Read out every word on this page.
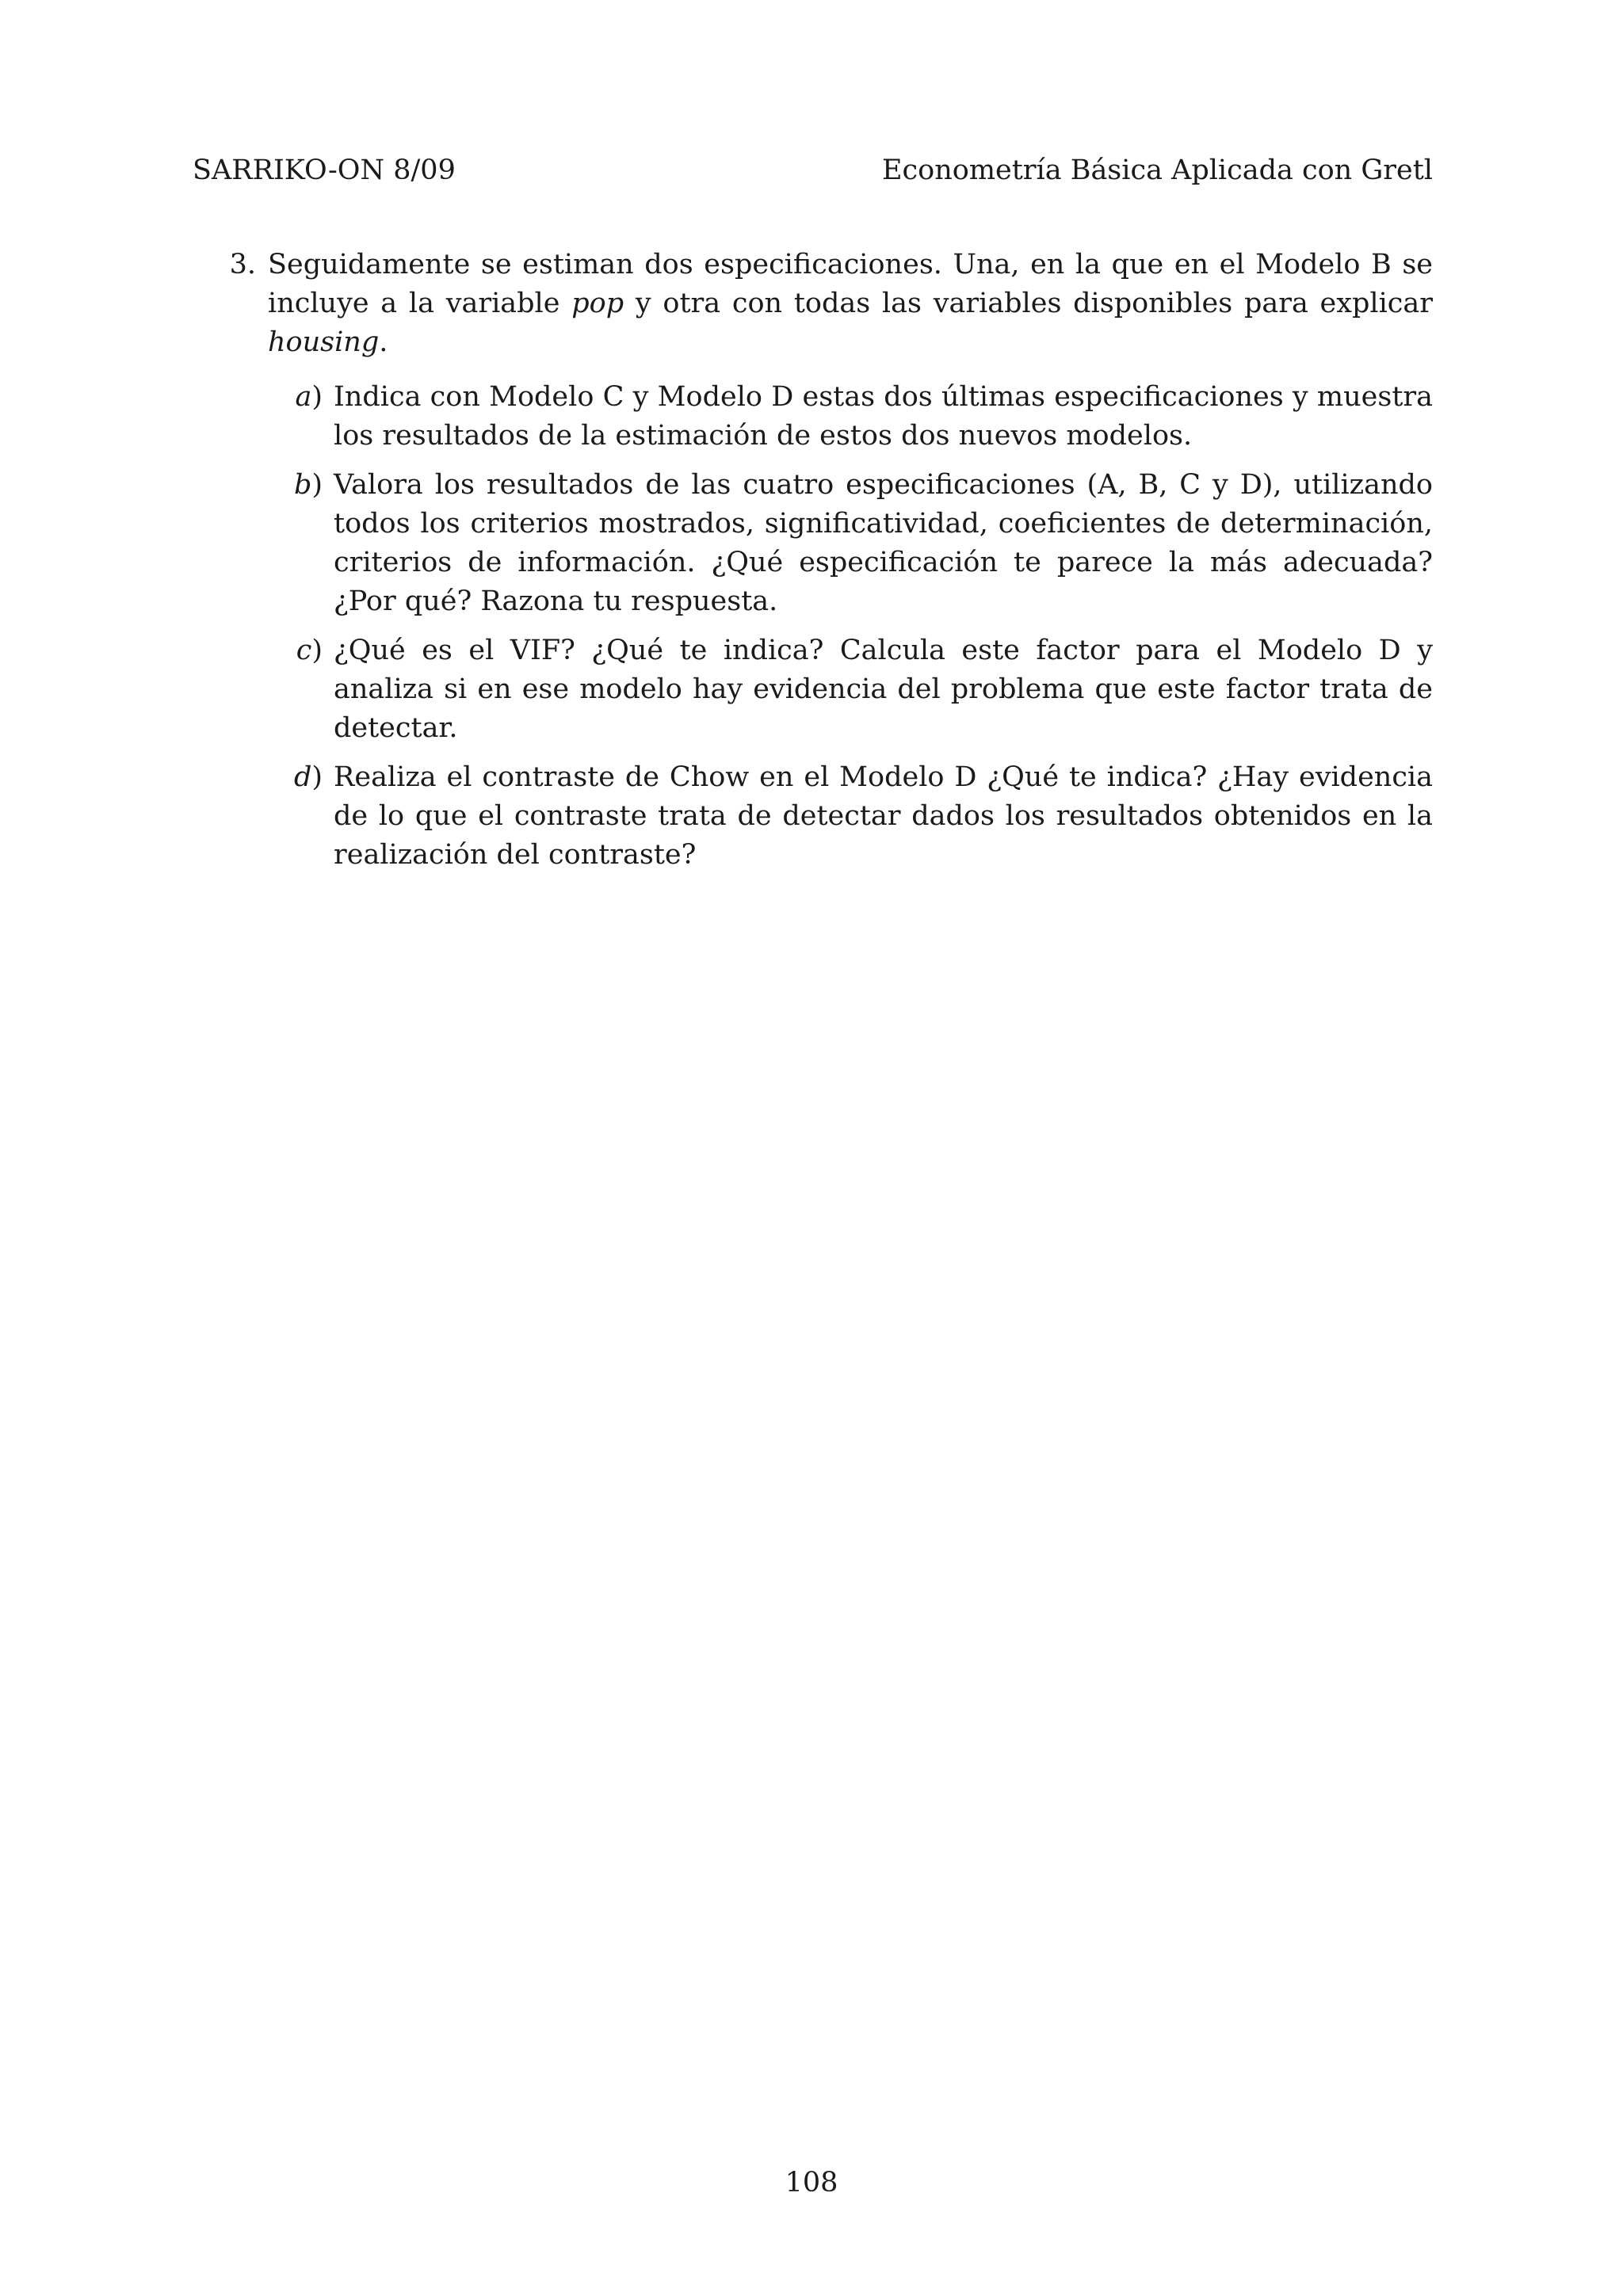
SARRIKO-ON 8/09	Econometría Básica Aplicada con Gretl
3. Seguidamente se estiman dos especificaciones. Una, en la que en el Modelo B se incluye a la variable pop y otra con todas las variables disponibles para explicar housing.
a) Indica con Modelo C y Modelo D estas dos últimas especificaciones y muestra los resultados de la estimación de estos dos nuevos modelos.
b) Valora los resultados de las cuatro especificaciones (A, B, C y D), utilizando todos los criterios mostrados, significatividad, coeficientes de determinación, criterios de información. ¿Qué especificación te parece la más adecuada? ¿Por qué? Razona tu respuesta.
c) ¿Qué es el VIF? ¿Qué te indica? Calcula este factor para el Modelo D y analiza si en ese modelo hay evidencia del problema que este factor trata de detectar.
d) Realiza el contraste de Chow en el Modelo D ¿Qué te indica? ¿Hay evidencia de lo que el contraste trata de detectar dados los resultados obtenidos en la realización del contraste?
108
